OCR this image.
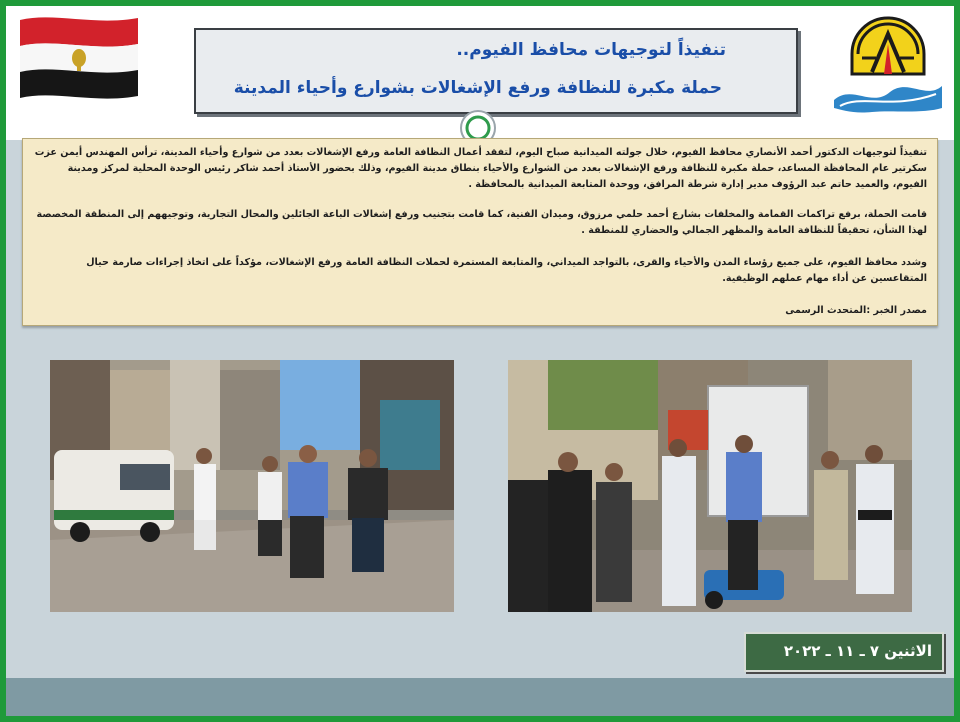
تنفيذاً لتوجيهات محافظ الفيوم..
حملة مكبرة للنظافة ورفع الإشغالات بشوارع وأحياء المدينة

تنفيذاً لتوجيهات الدكتور أحمد الأنصاري محافظ الفيوم، خلال جولته الميدانية صباح اليوم، لتفقد أعمال النظافة العامة ورفع الإشغالات بعدد من شوارع وأحياء المدينة، ترأس المهندس أيمن عزت سكرتير عام المحافظة المساعد، حملة مكبرة للنظافة ورفع الإشغالات بعدد من الشوارع والأحياء بنطاق مدينة الفيوم، وذلك بحضور الأستاذ أحمد شاكر رئيس الوحدة المحلية لمركز ومدينة الفيوم، والعميد حاتم عبد الرؤوف مدير إدارة شرطة المرافق، ووحدة المتابعة الميدانية بالمحافظة .

قامت الحملة، برفع تراكمات القمامة والمخلفات بشارع أحمد حلمي مرزوق، وميدان الفنية، كما قامت بتجنيب ورفع إشغالات الباعة الجائلين والمحال التجارية، وتوجيههم إلى المنطقة المخصصة لهذا الشأن، تحقيقاً للنظافة العامة والمظهر الجمالي والحضاري للمنطقة .

وشدد محافظ الفيوم، على جميع رؤساء المدن والأحياء والقرى، بالتواجد الميداني، والمتابعة المستمرة لحملات النظافة العامة ورفع الإشغالات، مؤكداً على اتخاذ إجراءات صارمة حيال المتقاعسين عن أداء مهام عملهم الوظيفية.

مصدر الخبر :المتحدث الرسمى

الاثنين ٧ ـ ١١ ـ ٢٠٢٢
